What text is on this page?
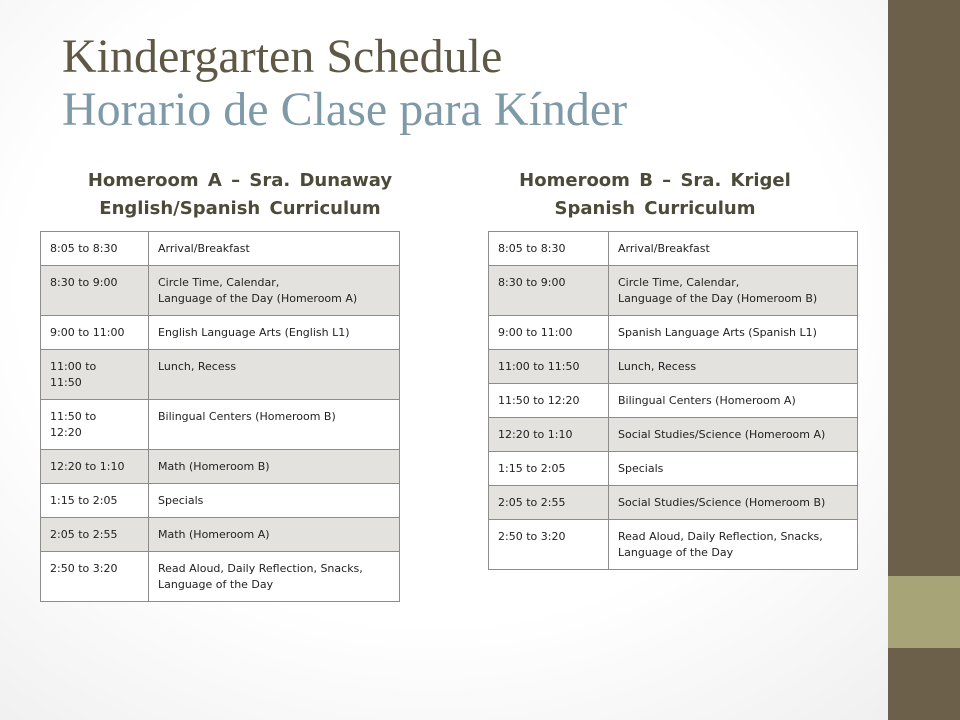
Kindergarten Schedule
Horario de Clase para Kínder
Homeroom A – Sra. Dunaway
English/Spanish Curriculum
Homeroom B – Sra. Krigel
Spanish Curriculum
8:05 to 8:30	Arrival/Breakfast

8:30 to 9:00	Circle Time, Calendar,
Language of the Day (Homeroom A)

9:00 to 11:00	English Language Arts (English L1)

11:00 to
11:50	Lunch, Recess

11:50 to
12:20	Bilingual Centers (Homeroom B)

12:20 to 1:10	Math (Homeroom B)

1:15 to 2:05	Specials

2:05 to 2:55	Math (Homeroom A)

2:50 to 3:20	Read Aloud, Daily Reflection, Snacks,
Language of the Day
8:05 to 8:30	Arrival/Breakfast

8:30 to 9:00	Circle Time, Calendar,
Language of the Day (Homeroom B)

9:00 to 11:00	Spanish Language Arts (Spanish L1)

11:00 to 11:50	Lunch, Recess

11:50 to 12:20	Bilingual Centers (Homeroom A)

12:20 to 1:10	Social Studies/Science (Homeroom A)

1:15 to 2:05	Specials

2:05 to 2:55	Social Studies/Science (Homeroom B)

2:50 to 3:20	Read Aloud, Daily Reflection, Snacks,
Language of the Day
